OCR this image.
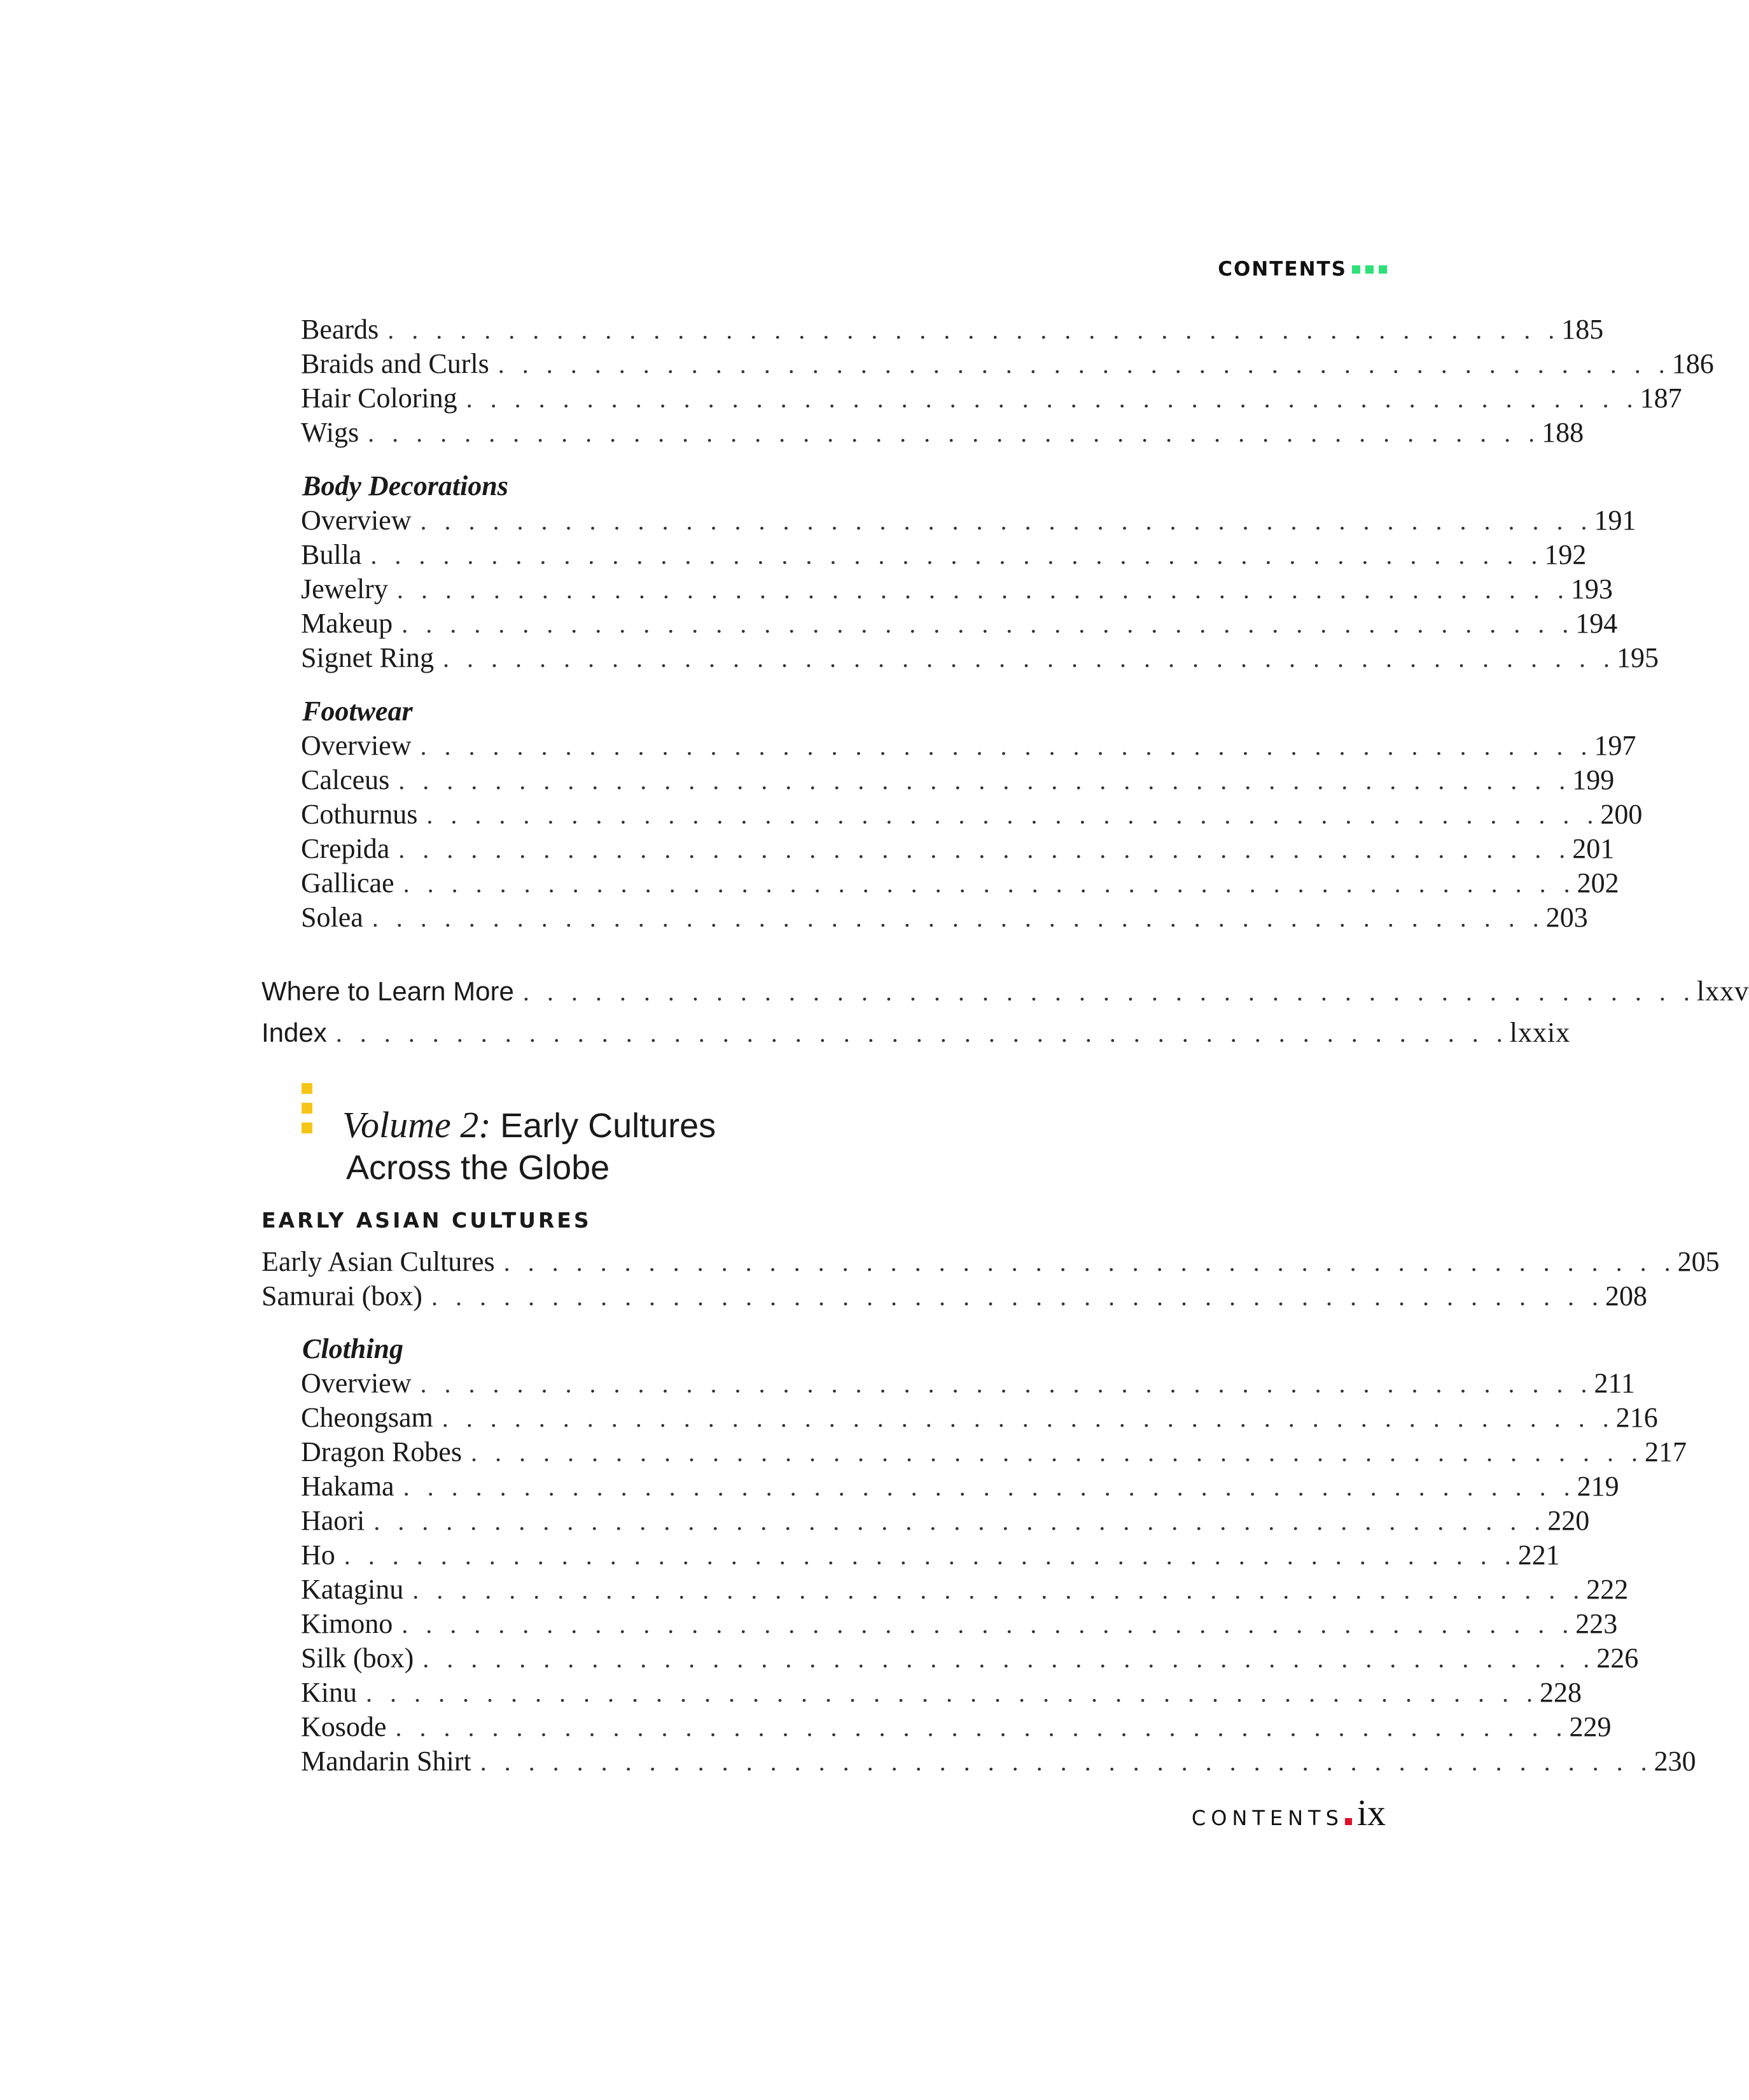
CONTENTS
Beards . . . . . . . . . . . . . . . . . . . . . . . . . . . . . . . . . . . . . . . . . . . . . . . . . 185
Braids and Curls . . . . . . . . . . . . . . . . . . . . . . . . . . . . . . . . . . . . . . . . . . . . . . . . . 186
Hair Coloring . . . . . . . . . . . . . . . . . . . . . . . . . . . . . . . . . . . . . . . . . . . . . . . . . 187
Wigs . . . . . . . . . . . . . . . . . . . . . . . . . . . . . . . . . . . . . . . . . . . . . . . . . 188
Body Decorations
Overview . . . . . . . . . . . . . . . . . . . . . . . . . . . . . . . . . . . . . . . . . . . . . . . . . 191
Bulla . . . . . . . . . . . . . . . . . . . . . . . . . . . . . . . . . . . . . . . . . . . . . . . . . 192
Jewelry . . . . . . . . . . . . . . . . . . . . . . . . . . . . . . . . . . . . . . . . . . . . . . . . . 193
Makeup . . . . . . . . . . . . . . . . . . . . . . . . . . . . . . . . . . . . . . . . . . . . . . . . . 194
Signet Ring . . . . . . . . . . . . . . . . . . . . . . . . . . . . . . . . . . . . . . . . . . . . . . . . . 195
Footwear
Overview . . . . . . . . . . . . . . . . . . . . . . . . . . . . . . . . . . . . . . . . . . . . . . . . . 197
Calceus . . . . . . . . . . . . . . . . . . . . . . . . . . . . . . . . . . . . . . . . . . . . . . . . . 199
Cothurnus . . . . . . . . . . . . . . . . . . . . . . . . . . . . . . . . . . . . . . . . . . . . . . . . . 200
Crepida . . . . . . . . . . . . . . . . . . . . . . . . . . . . . . . . . . . . . . . . . . . . . . . . . 201
Gallicae . . . . . . . . . . . . . . . . . . . . . . . . . . . . . . . . . . . . . . . . . . . . . . . . . 202
Solea . . . . . . . . . . . . . . . . . . . . . . . . . . . . . . . . . . . . . . . . . . . . . . . . . 203
Where to Learn More . . . . . . . . . . . . . . . . . . . . . . . . . . . . . . . . . . . . . . . . . . . . . . . . . lxxv
Index . . . . . . . . . . . . . . . . . . . . . . . . . . . . . . . . . . . . . . . . . . . . . . . . . lxxix
Volume 2: Early Cultures
Across the Globe
EARLY ASIAN CULTURES
Early Asian Cultures . . . . . . . . . . . . . . . . . . . . . . . . . . . . . . . . . . . . . . . . . . . . . . . . . 205
Samurai (box) . . . . . . . . . . . . . . . . . . . . . . . . . . . . . . . . . . . . . . . . . . . . . . . . . 208
Clothing
Overview . . . . . . . . . . . . . . . . . . . . . . . . . . . . . . . . . . . . . . . . . . . . . . . . . 211
Cheongsam . . . . . . . . . . . . . . . . . . . . . . . . . . . . . . . . . . . . . . . . . . . . . . . . . 216
Dragon Robes . . . . . . . . . . . . . . . . . . . . . . . . . . . . . . . . . . . . . . . . . . . . . . . . . 217
Hakama . . . . . . . . . . . . . . . . . . . . . . . . . . . . . . . . . . . . . . . . . . . . . . . . . 219
Haori . . . . . . . . . . . . . . . . . . . . . . . . . . . . . . . . . . . . . . . . . . . . . . . . . 220
Ho . . . . . . . . . . . . . . . . . . . . . . . . . . . . . . . . . . . . . . . . . . . . . . . . . 221
Kataginu . . . . . . . . . . . . . . . . . . . . . . . . . . . . . . . . . . . . . . . . . . . . . . . . . 222
Kimono . . . . . . . . . . . . . . . . . . . . . . . . . . . . . . . . . . . . . . . . . . . . . . . . . 223
Silk (box) . . . . . . . . . . . . . . . . . . . . . . . . . . . . . . . . . . . . . . . . . . . . . . . . . 226
Kinu . . . . . . . . . . . . . . . . . . . . . . . . . . . . . . . . . . . . . . . . . . . . . . . . . 228
Kosode . . . . . . . . . . . . . . . . . . . . . . . . . . . . . . . . . . . . . . . . . . . . . . . . . 229
Mandarin Shirt . . . . . . . . . . . . . . . . . . . . . . . . . . . . . . . . . . . . . . . . . . . . . . . . . 230
CONTENTS ix
